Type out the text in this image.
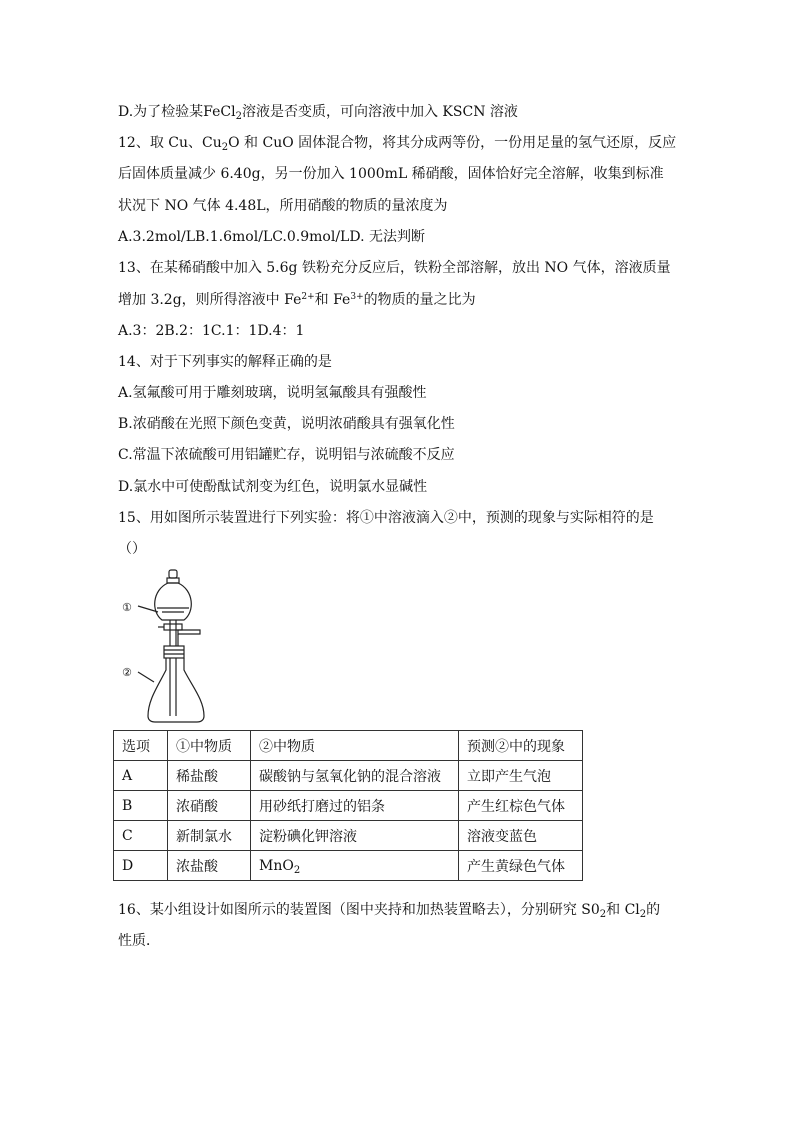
D.为了检验某FeCl$_2$溶液是否变质，可向溶液中加入 KSCN 溶液
12、取 Cu、$Cu_2O$ 和 CuO 固体混合物，将其分成两等份，一份用足量的氢气还原，反应
后固体质量减少 6.40g，另一份加入 1000mL 稀硝酸，固体恰好完全溶解，收集到标准
状况下 NO 气体 4.48L，所用硝酸的物质的量浓度为
A.3.2mol/LB.1.6mol/LC.0.9mol/LD. 无法判断
13、在某稀硝酸中加入 5.6g 铁粉充分反应后，铁粉全部溶解，放出 NO 气体，溶液质量
增加 3.2g，则所得溶液中 $Fe^{2+}$和 $Fe^{3+}$的物质的量之比为
A.3：2B.2：1C.1：1D.4：1
14、对于下列事实的解释正确的是
A.氢氟酸可用于雕刻玻璃，说明氢氟酸具有强酸性
B.浓硝酸在光照下颜色变黄，说明浓硝酸具有强氧化性
C.常温下浓硫酸可用铝罐贮存，说明铝与浓硫酸不反应
D.氯水中可使酚酞试剂变为红色，说明氯水显碱性
15、用如图所示装置进行下列实验：将①中溶液滴入②中，预测的现象与实际相符的是
（）
①
②
选项	①中物质	②中物质	预测②中的现象
A	稀盐酸	碳酸钠与氢氧化钠的混合溶液	立即产生气泡
B	浓硝酸	用砂纸打磨过的铝条	产生红棕色气体
C	新制氯水	淀粉碘化钾溶液	溶液变蓝色
D	浓盐酸	MnO$_2$	产生黄绿色气体
16、某小组设计如图所示的装置图（图中夹持和加热装置略去），分别研究 $S0_2$和 $Cl_2$的
性质．
